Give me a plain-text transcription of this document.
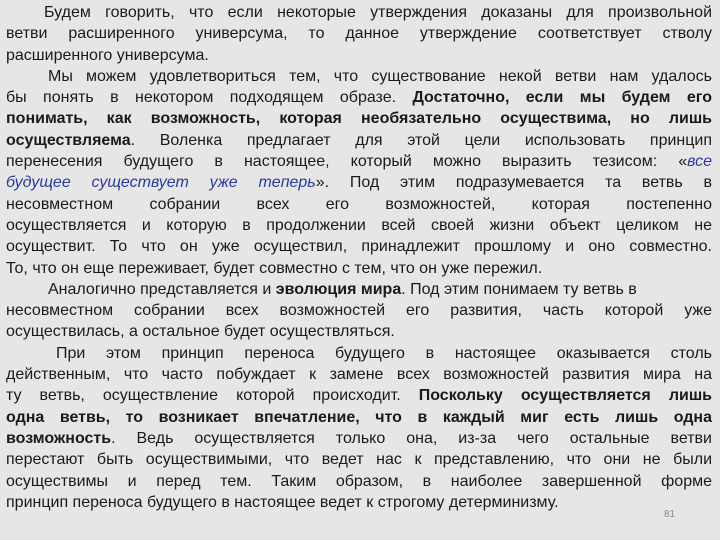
Будем говорить, что если некоторые утверждения доказаны для произвольной
ветви расширенного универсума, то данное утверждение соответствует стволу
расширенного универсума.
Мы можем удовлетвориться тем, что существование некой ветви нам удалось
бы понять в некотором подходящем образе. Достаточно, если мы будем его
понимать, как возможность, которая необязательно осуществима, но лишь
осуществляема. Воленка предлагает для этой цели использовать принцип
перенесения будущего в настоящее, который можно выразить тезисом: «все
будущее существует уже теперь». Под этим подразумевается та ветвь в
несовместном собрании всех его возможностей, которая постепенно
осуществляется и которую в продолжении всей своей жизни объект целиком не
осуществит. То что он уже осуществил, принадлежит прошлому и оно совместно.
То, что он еще переживает, будет совместно с тем, что он уже пережил.
Аналогично представляется и эволюция мира. Под этим понимаем ту ветвь в
несовместном собрании всех возможностей его развития, часть которой уже
осуществилась, а остальное будет осуществляться.
При этом принцип переноса будущего в настоящее оказывается столь
действенным, что часто побуждает к замене всех возможностей развития мира на
ту ветвь, осуществление которой происходит. Поскольку осуществляется лишь
одна ветвь, то возникает впечатление, что в каждый миг есть лишь одна
возможность. Ведь осуществляется только она, из-за чего остальные ветви
перестают быть осуществимыми, что ведет нас к представлению, что они не были
осуществимы и перед тем. Таким образом, в наиболее завершенной форме
принцип переноса будущего в настоящее ведет к строгому детерминизму.
81
